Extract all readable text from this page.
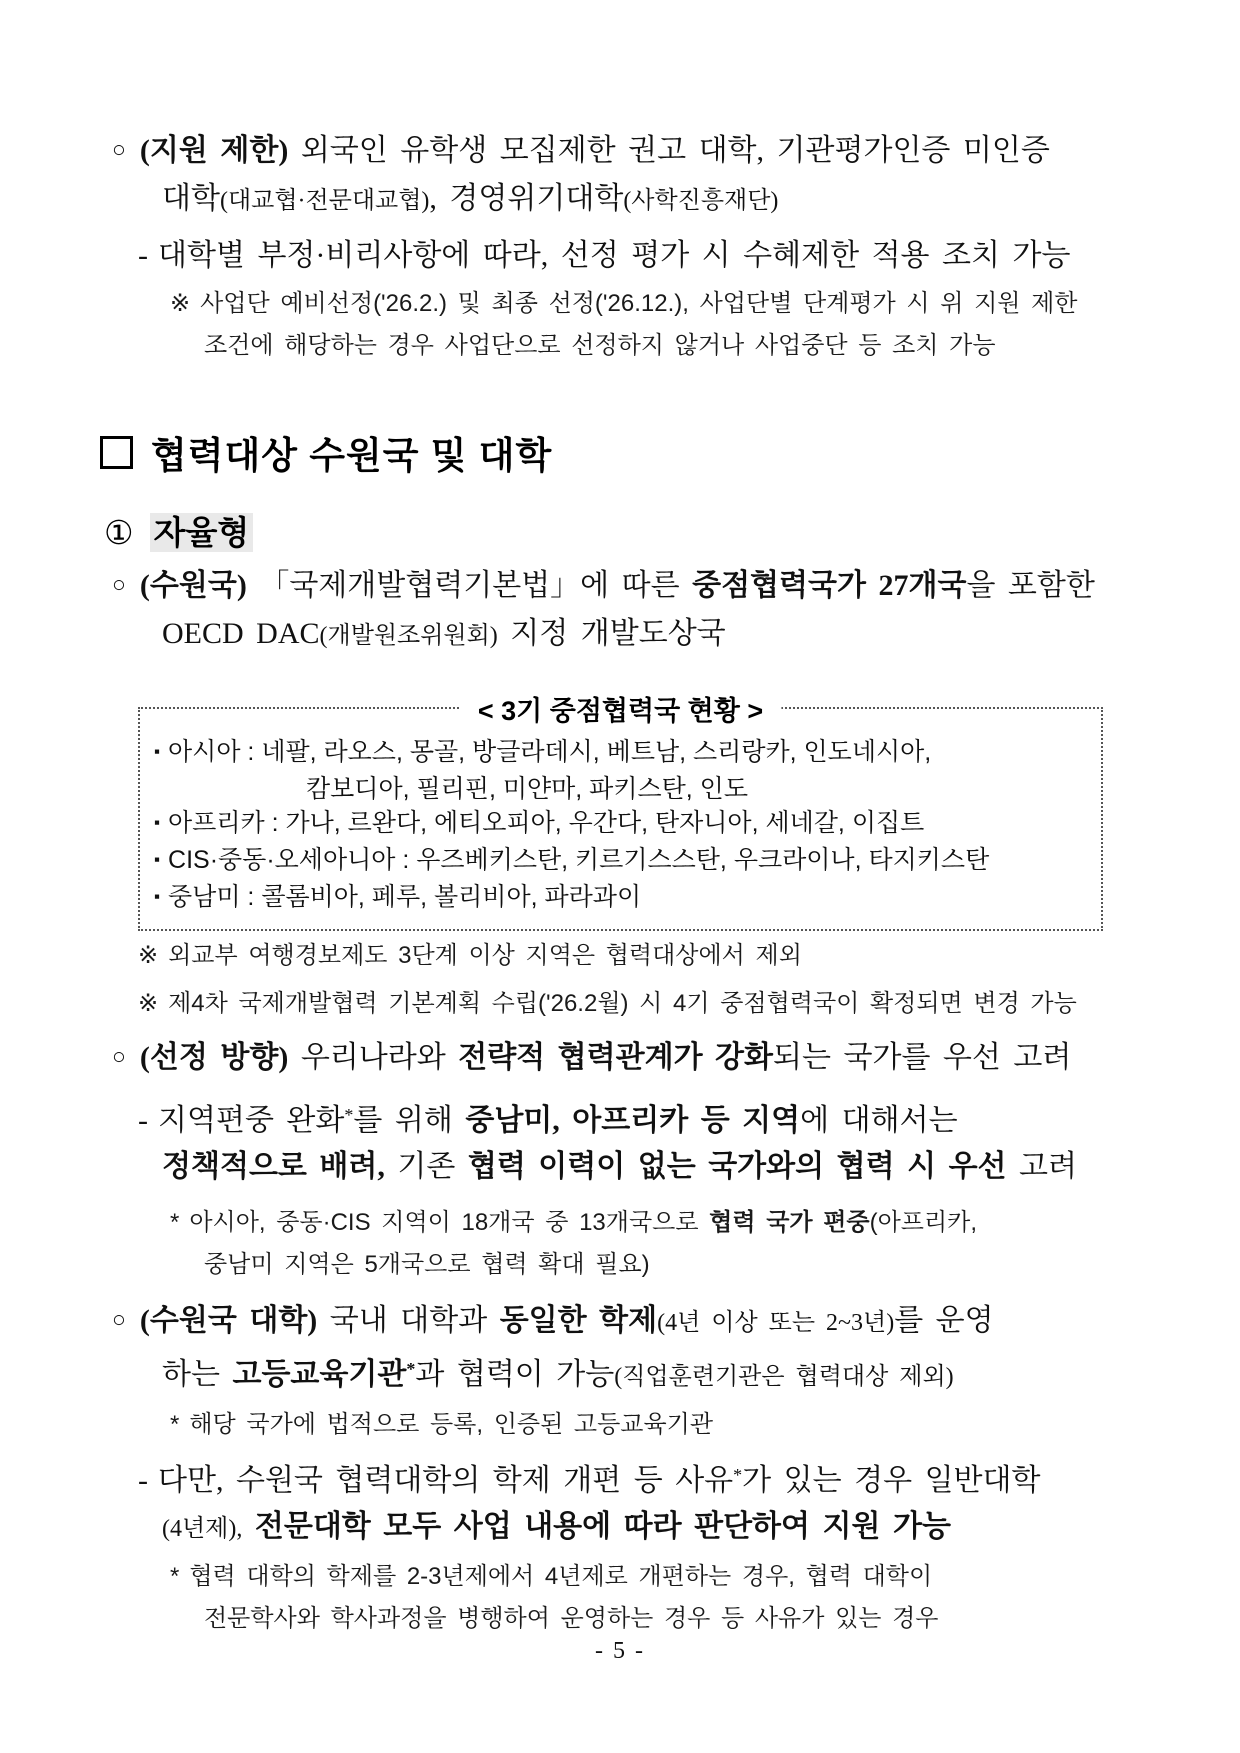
○ (지원 제한) 외국인 유학생 모집제한 권고 대학, 기관평가인증 미인증
대학(대교협·전문대교협), 경영위기대학(사학진흥재단)
- 대학별 부정·비리사항에 따라, 선정 평가 시 수혜제한 적용 조치 가능
※ 사업단 예비선정('26.2.) 및 최종 선정('26.12.), 사업단별 단계평가 시 위 지원 제한
조건에 해당하는 경우 사업단으로 선정하지 않거나 사업중단 등 조치 가능
협력대상 수원국 및 대학
① 자율형
○ (수원국) 「국제개발협력기본법」에 따른 중점협력국가 27개국을 포함한
OECD DAC(개발원조위원회) 지정 개발도상국
< 3기 중점협력국 현황 >
▪ 아시아 : 네팔, 라오스, 몽골, 방글라데시, 베트남, 스리랑카, 인도네시아,
캄보디아, 필리핀, 미얀마, 파키스탄, 인도
▪ 아프리카 : 가나, 르완다, 에티오피아, 우간다, 탄자니아, 세네갈, 이집트
▪ CIS·중동·오세아니아 : 우즈베키스탄, 키르기스스탄, 우크라이나, 타지키스탄
▪ 중남미 : 콜롬비아, 페루, 볼리비아, 파라과이
※ 외교부 여행경보제도 3단계 이상 지역은 협력대상에서 제외
※ 제4차 국제개발협력 기본계획 수립('26.2월) 시 4기 중점협력국이 확정되면 변경 가능
○ (선정 방향) 우리나라와 전략적 협력관계가 강화되는 국가를 우선 고려
- 지역편중 완화*를 위해 중남미, 아프리카 등 지역에 대해서는
정책적으로 배려, 기존 협력 이력이 없는 국가와의 협력 시 우선 고려
* 아시아, 중동·CIS 지역이 18개국 중 13개국으로 협력 국가 편중(아프리카,
중남미 지역은 5개국으로 협력 확대 필요)
○ (수원국 대학) 국내 대학과 동일한 학제(4년 이상 또는 2~3년)를 운영
하는 고등교육기관*과 협력이 가능(직업훈련기관은 협력대상 제외)
* 해당 국가에 법적으로 등록, 인증된 고등교육기관
- 다만, 수원국 협력대학의 학제 개편 등 사유*가 있는 경우 일반대학
(4년제), 전문대학 모두 사업 내용에 따라 판단하여 지원 가능
* 협력 대학의 학제를 2-3년제에서 4년제로 개편하는 경우, 협력 대학이
전문학사와 학사과정을 병행하여 운영하는 경우 등 사유가 있는 경우
- 5 -
